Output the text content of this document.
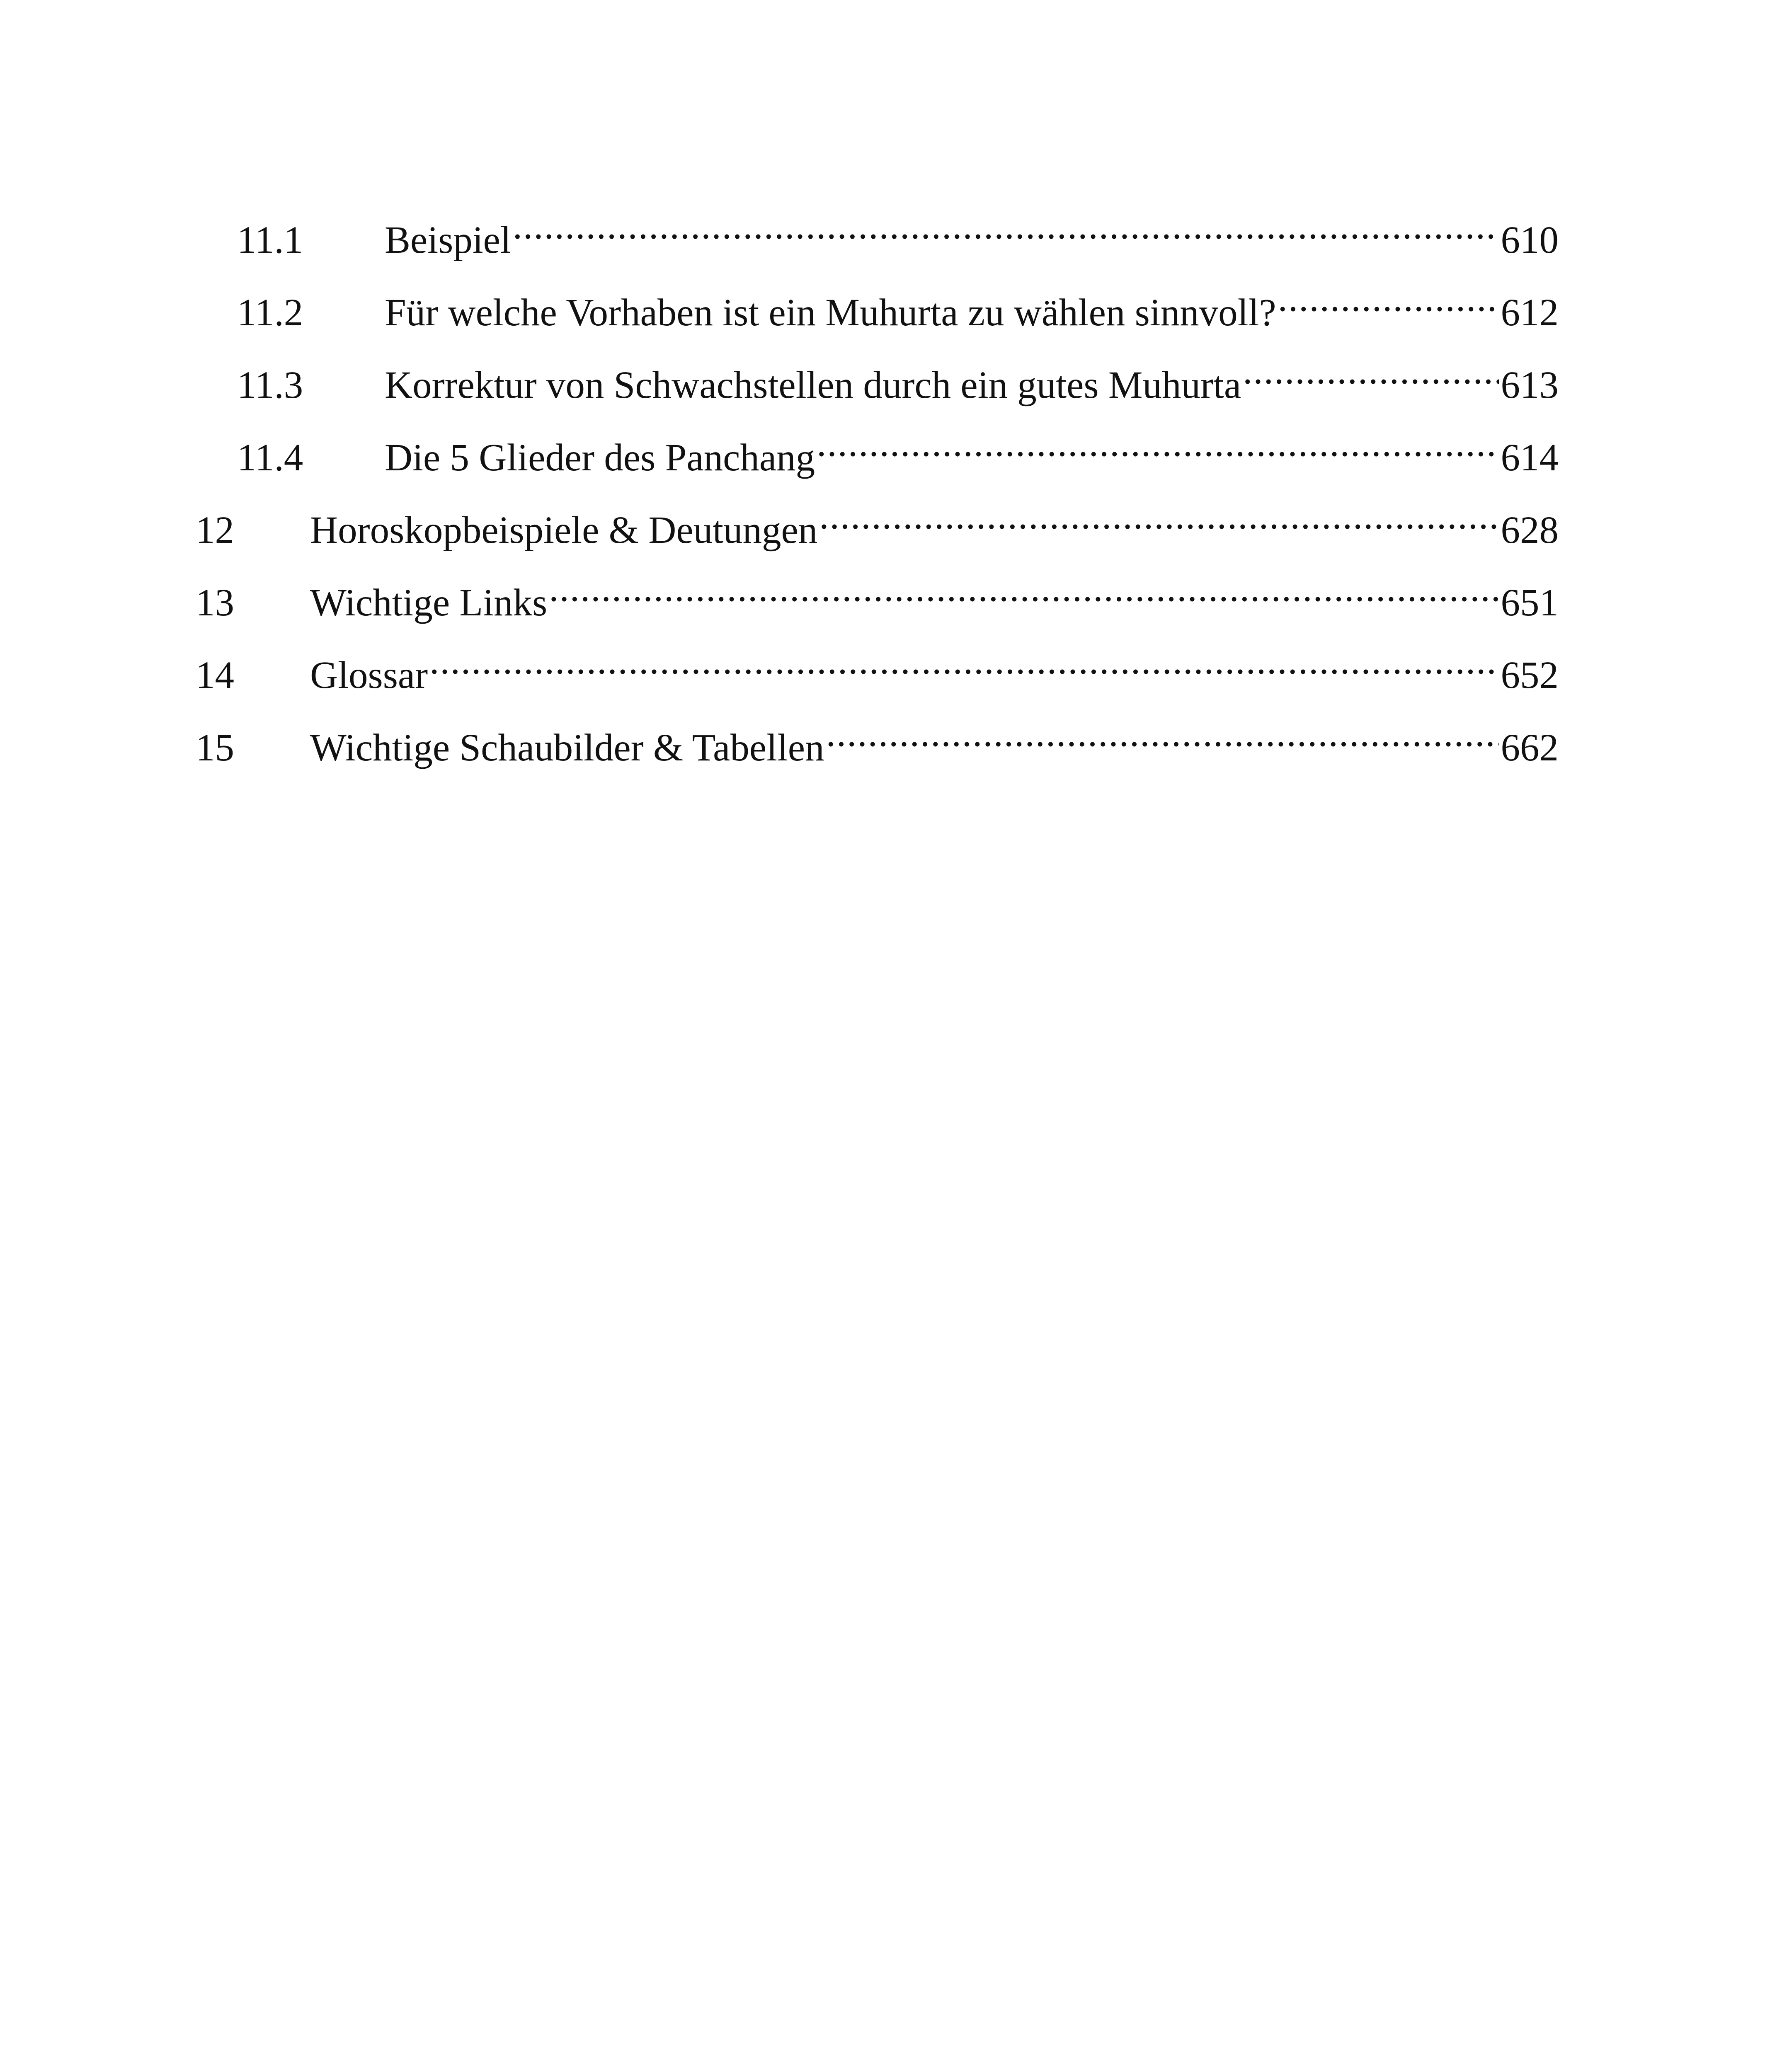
11.1	Beispiel .....	610
11.2	Für welche Vorhaben ist ein Muhurta zu wählen sinnvoll? .....	612
11.3	Korrektur von Schwachstellen durch ein gutes Muhurta .....	613
11.4	Die 5 Glieder des Panchang .....	614
12	Horoskopbeispiele & Deutungen .....	628
13	Wichtige Links .....	651
14	Glossar .....	652
15	Wichtige Schaubilder & Tabellen .....	662
